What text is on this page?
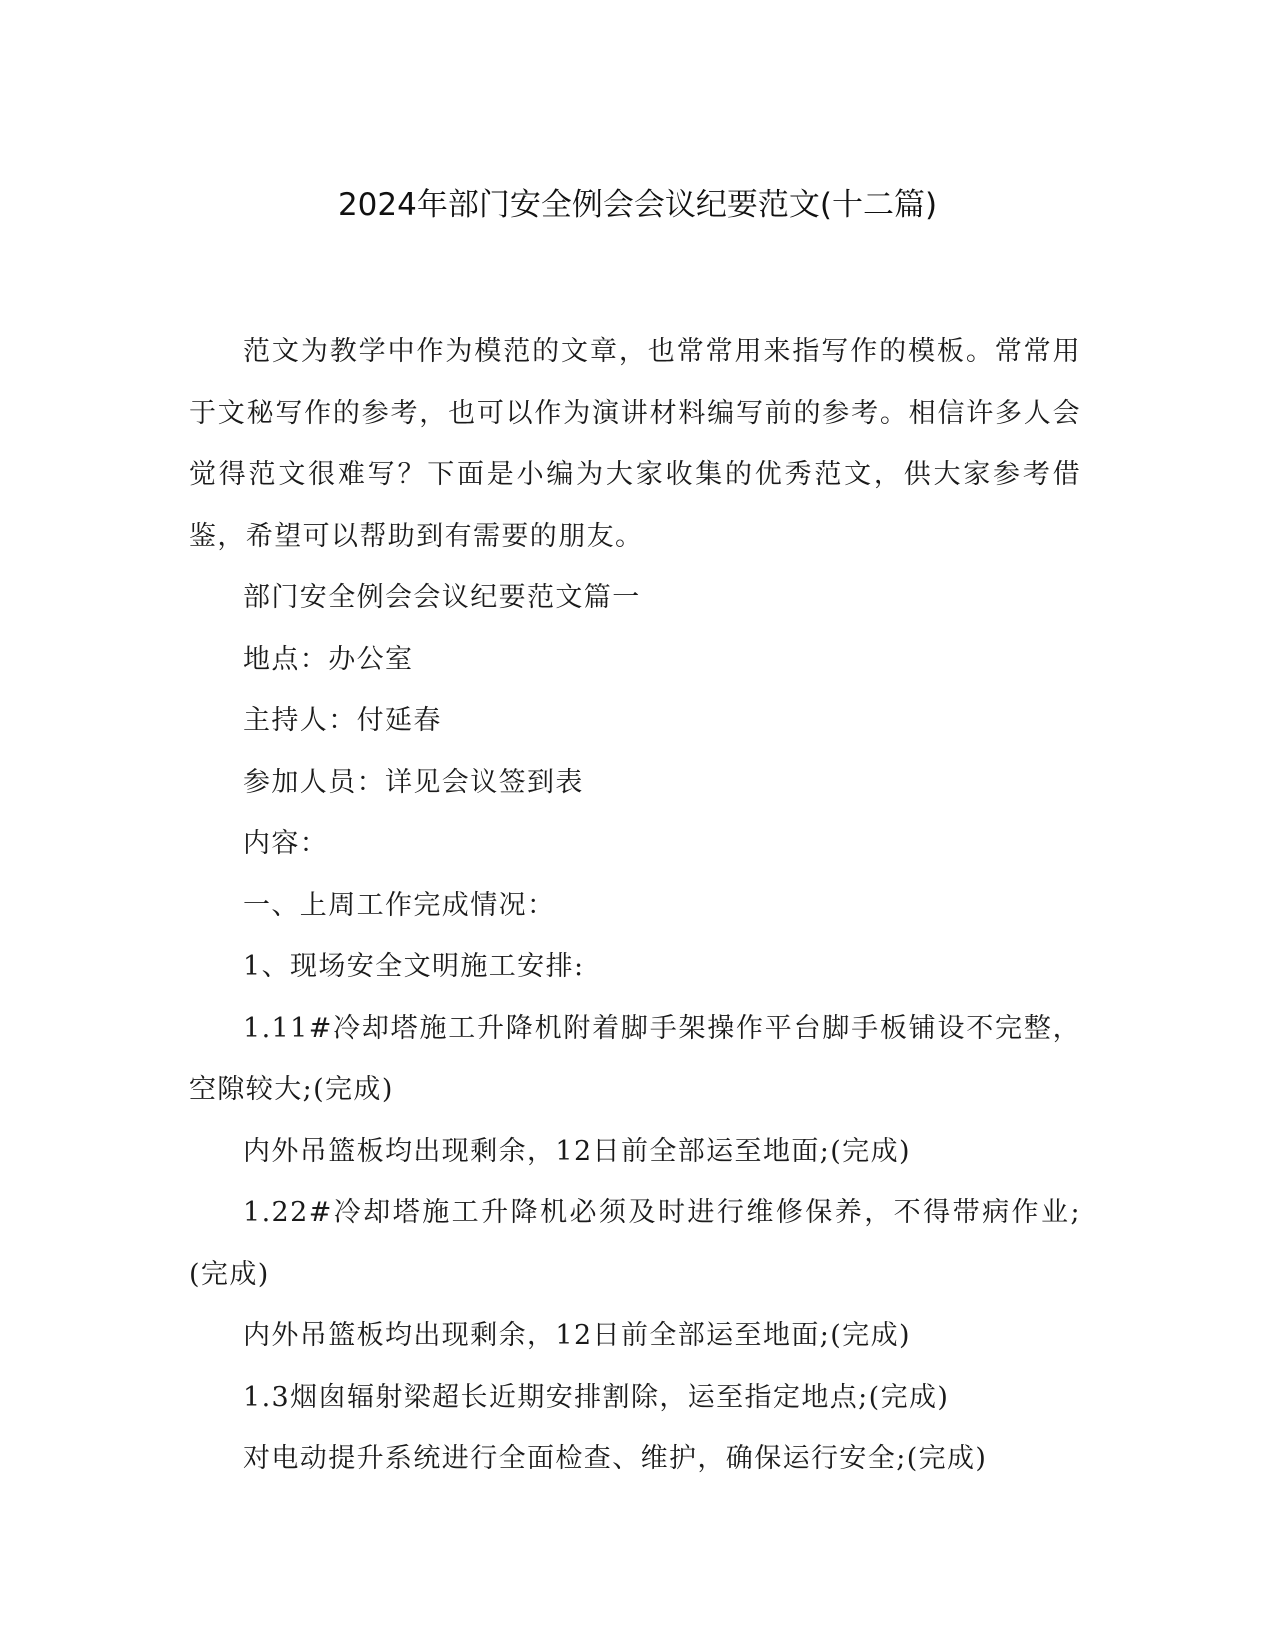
2024年部门安全例会会议纪要范文(十二篇)

范文为教学中作为模范的文章，也常常用来指写作的模板。常常用于文秘写作的参考，也可以作为演讲材料编写前的参考。相信许多人会觉得范文很难写？下面是小编为大家收集的优秀范文，供大家参考借鉴，希望可以帮助到有需要的朋友。

部门安全例会会议纪要范文篇一

地点：办公室

主持人：付延春

参加人员：详见会议签到表

内容：

一、上周工作完成情况：

1、现场安全文明施工安排:

1.11#冷却塔施工升降机附着脚手架操作平台脚手板铺设不完整，空隙较大;(完成)

内外吊篮板均出现剩余，12日前全部运至地面;(完成)

1.22#冷却塔施工升降机必须及时进行维修保养，不得带病作业;(完成)

内外吊篮板均出现剩余，12日前全部运至地面;(完成)

1.3烟囱辐射梁超长近期安排割除，运至指定地点;(完成)

对电动提升系统进行全面检查、维护，确保运行安全;(完成)
